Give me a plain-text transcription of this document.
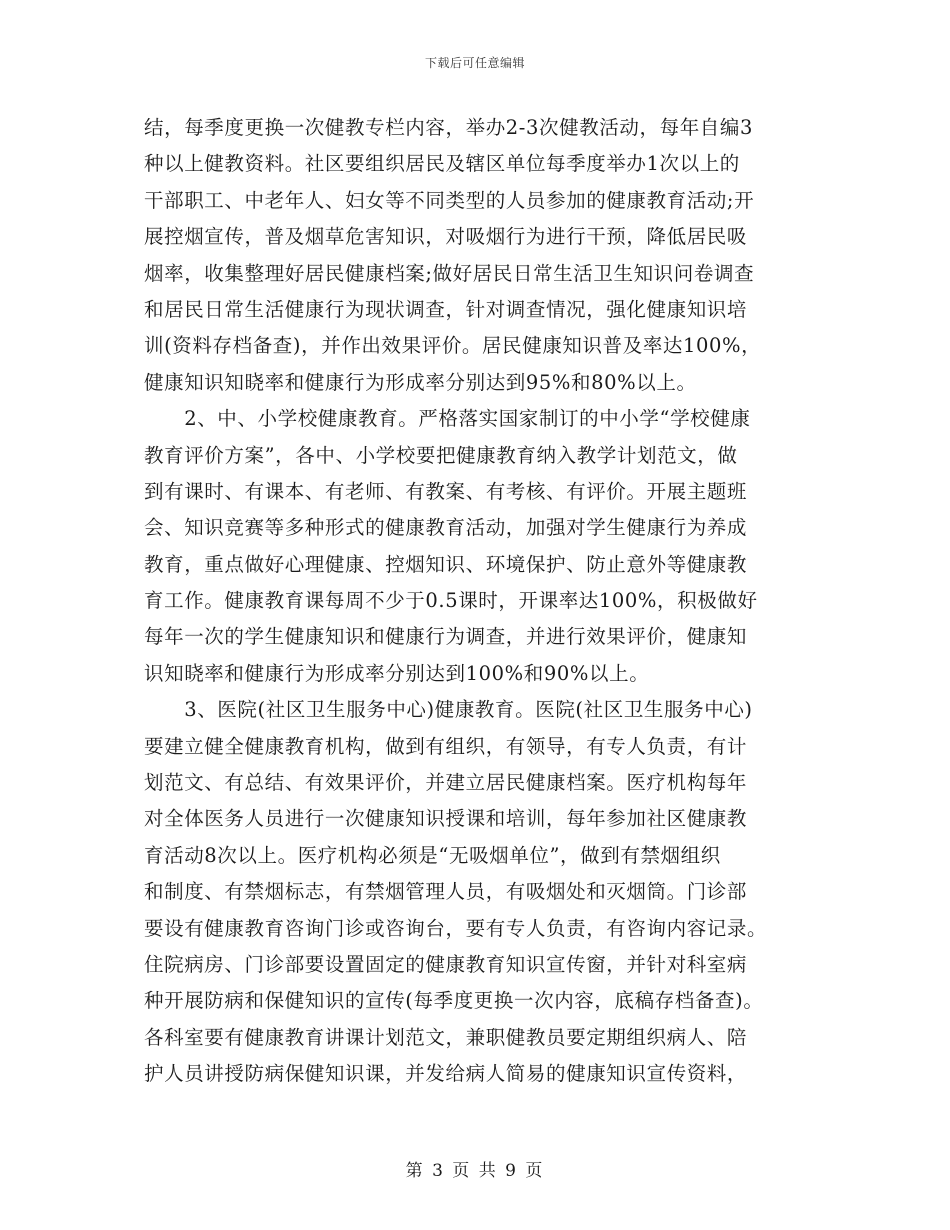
下载后可任意编辑
结，每季度更换一次健教专栏内容，举办2-3次健教活动，每年自编3
种以上健教资料。社区要组织居民及辖区单位每季度举办1次以上的
干部职工、中老年人、妇女等不同类型的人员参加的健康教育活动;开
展控烟宣传，普及烟草危害知识，对吸烟行为进行干预，降低居民吸
烟率，收集整理好居民健康档案;做好居民日常生活卫生知识问卷调查
和居民日常生活健康行为现状调查，针对调查情况，强化健康知识培
训(资料存档备查)，并作出效果评价。居民健康知识普及率达100%，
健康知识知晓率和健康行为形成率分别达到95%和80%以上。
　　2、中、小学校健康教育。严格落实国家制订的中小学“学校健康
教育评价方案”，各中、小学校要把健康教育纳入教学计划范文，做
到有课时、有课本、有老师、有教案、有考核、有评价。开展主题班
会、知识竞赛等多种形式的健康教育活动，加强对学生健康行为养成
教育，重点做好心理健康、控烟知识、环境保护、防止意外等健康教
育工作。健康教育课每周不少于0.5课时，开课率达100%，积极做好
每年一次的学生健康知识和健康行为调查，并进行效果评价，健康知
识知晓率和健康行为形成率分别达到100%和90%以上。
　　3、医院(社区卫生服务中心)健康教育。医院(社区卫生服务中心)
要建立健全健康教育机构，做到有组织，有领导，有专人负责，有计
划范文、有总结、有效果评价，并建立居民健康档案。医疗机构每年
对全体医务人员进行一次健康知识授课和培训，每年参加社区健康教
育活动8次以上。医疗机构必须是“无吸烟单位”，做到有禁烟组织
和制度、有禁烟标志，有禁烟管理人员，有吸烟处和灭烟筒。门诊部
要设有健康教育咨询门诊或咨询台，要有专人负责，有咨询内容记录。
住院病房、门诊部要设置固定的健康教育知识宣传窗，并针对科室病
种开展防病和保健知识的宣传(每季度更换一次内容，底稿存档备查)。
各科室要有健康教育讲课计划范文，兼职健教员要定期组织病人、陪
护人员讲授防病保健知识课，并发给病人简易的健康知识宣传资料，
第 3 页 共 9 页
